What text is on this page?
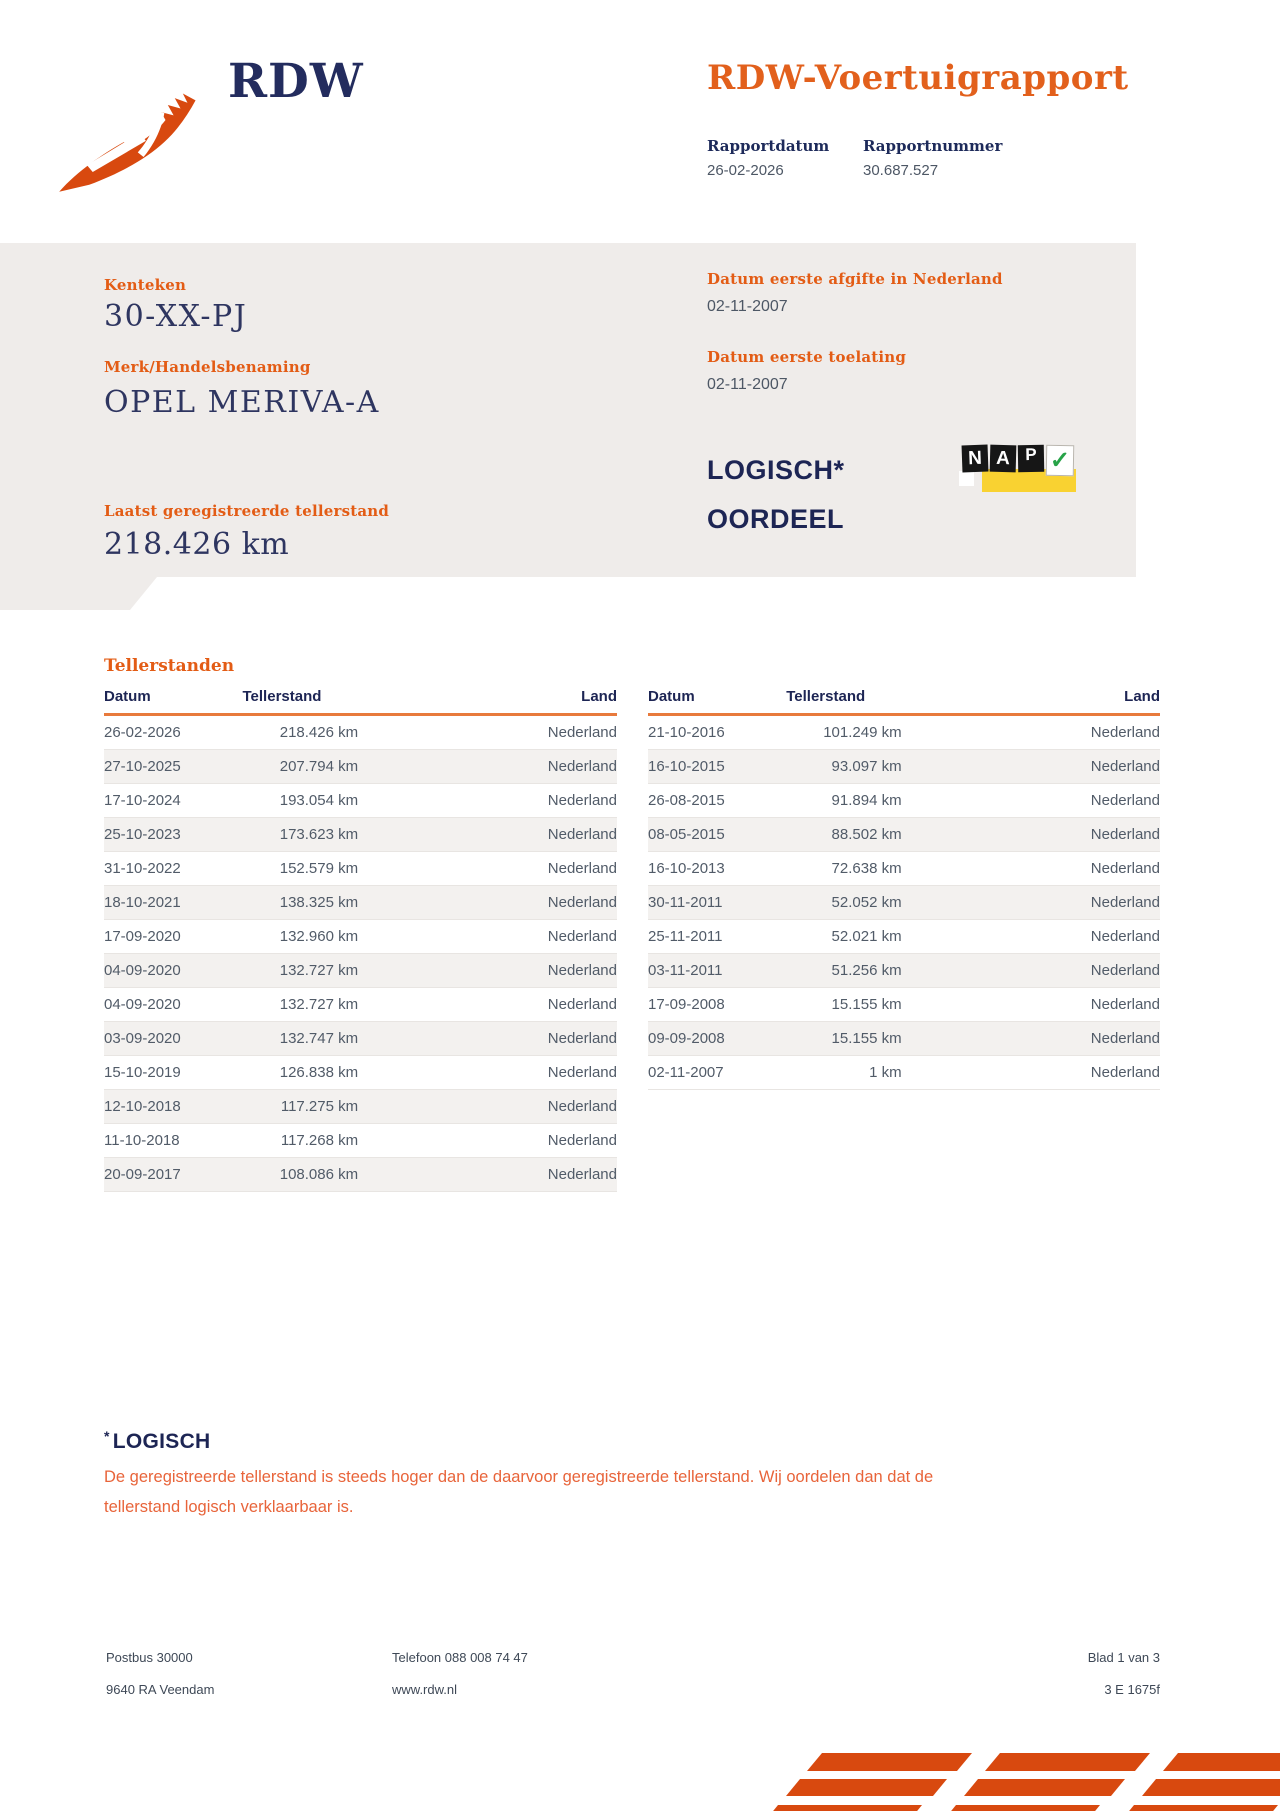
RDW	RDW-Voertuigrapport
Rapportdatum Rapportnummer
26-02-2026	30.687.527
Kenteken
30-XX-PJ
Merk/Handelsbenaming
OPEL MERIVA-A
Laatst geregistreerde tellerstand
218.426 km
Datum eerste afgifte in Nederland
02-11-2007
Datum eerste toelating
02-11-2007
LOGISCH*
OORDEEL
N A P ✓
Tellerstanden
Datum	Tellerstand	Land
26-02-2026	218.426 km	Nederland
27-10-2025	207.794 km	Nederland
17-10-2024	193.054 km	Nederland
25-10-2023	173.623 km	Nederland
31-10-2022	152.579 km	Nederland
18-10-2021	138.325 km	Nederland
17-09-2020	132.960 km	Nederland
04-09-2020	132.727 km	Nederland
04-09-2020	132.727 km	Nederland
03-09-2020	132.747 km	Nederland
15-10-2019	126.838 km	Nederland
12-10-2018	117.275 km	Nederland
11-10-2018	117.268 km	Nederland
20-09-2017	108.086 km	Nederland
Datum	Tellerstand	Land
21-10-2016	101.249 km	Nederland
16-10-2015	93.097 km	Nederland
26-08-2015	91.894 km	Nederland
08-05-2015	88.502 km	Nederland
16-10-2013	72.638 km	Nederland
30-11-2011	52.052 km	Nederland
25-11-2011	52.021 km	Nederland
03-11-2011	51.256 km	Nederland
17-09-2008	15.155 km	Nederland
09-09-2008	15.155 km	Nederland
02-11-2007	1 km	Nederland
* LOGISCH
De geregistreerde tellerstand is steeds hoger dan de daarvoor geregistreerde tellerstand. Wij oordelen dan dat de tellerstand logisch verklaarbaar is.
Postbus 30000
9640 RA Veendam
Telefoon 088 008 74 47
www.rdw.nl
Blad 1 van 3
3 E 1675f
